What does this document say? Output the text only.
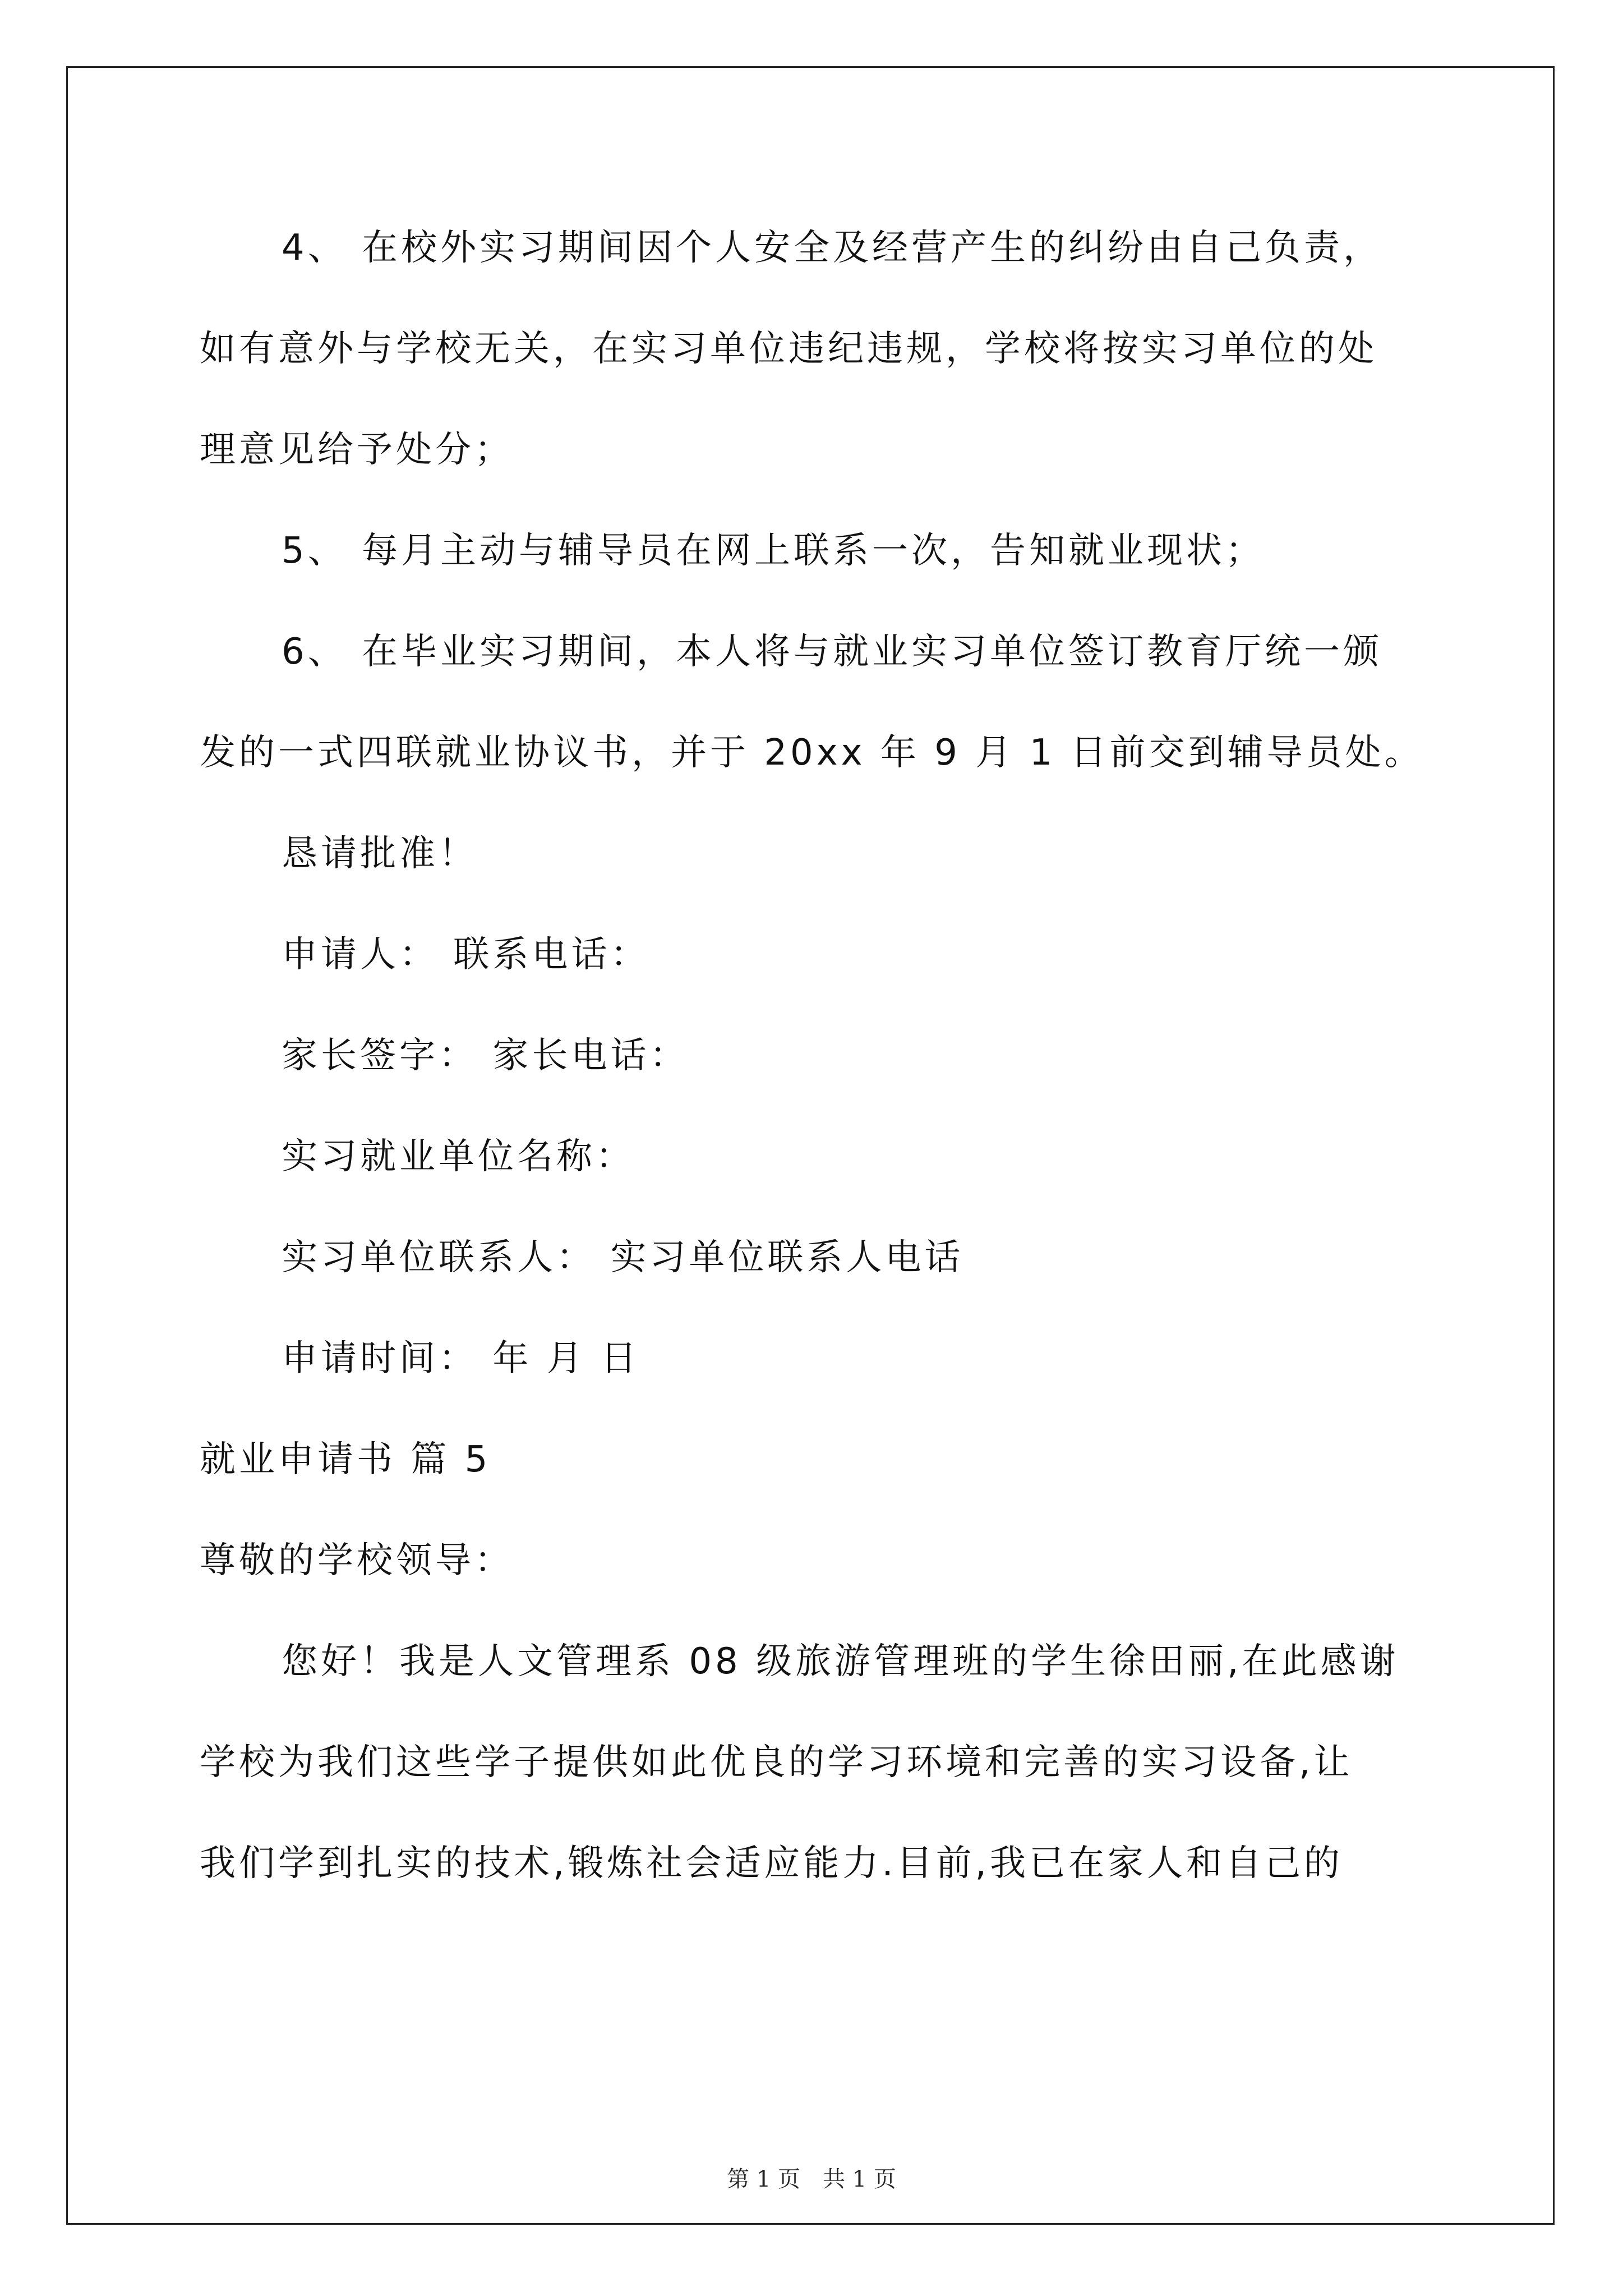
4、 在校外实习期间因个人安全及经营产生的纠纷由自己负责，

如有意外与学校无关，在实习单位违纪违规，学校将按实习单位的处

理意见给予处分；

5、 每月主动与辅导员在网上联系一次，告知就业现状；

6、 在毕业实习期间，本人将与就业实习单位签订教育厅统一颁

发的一式四联就业协议书，并于 20xx 年 9 月 1 日前交到辅导员处。

恳请批准！

申请人： 联系电话：

家长签字： 家长电话：

实习就业单位名称：

实习单位联系人： 实习单位联系人电话

申请时间： 年 月 日

就业申请书 篇 5

尊敬的学校领导：

您好！我是人文管理系 08 级旅游管理班的学生徐田丽,在此感谢

学校为我们这些学子提供如此优良的学习环境和完善的实习设备,让

我们学到扎实的技术,锻炼社会适应能力.目前,我已在家人和自己的

第 1 页　共 1 页
